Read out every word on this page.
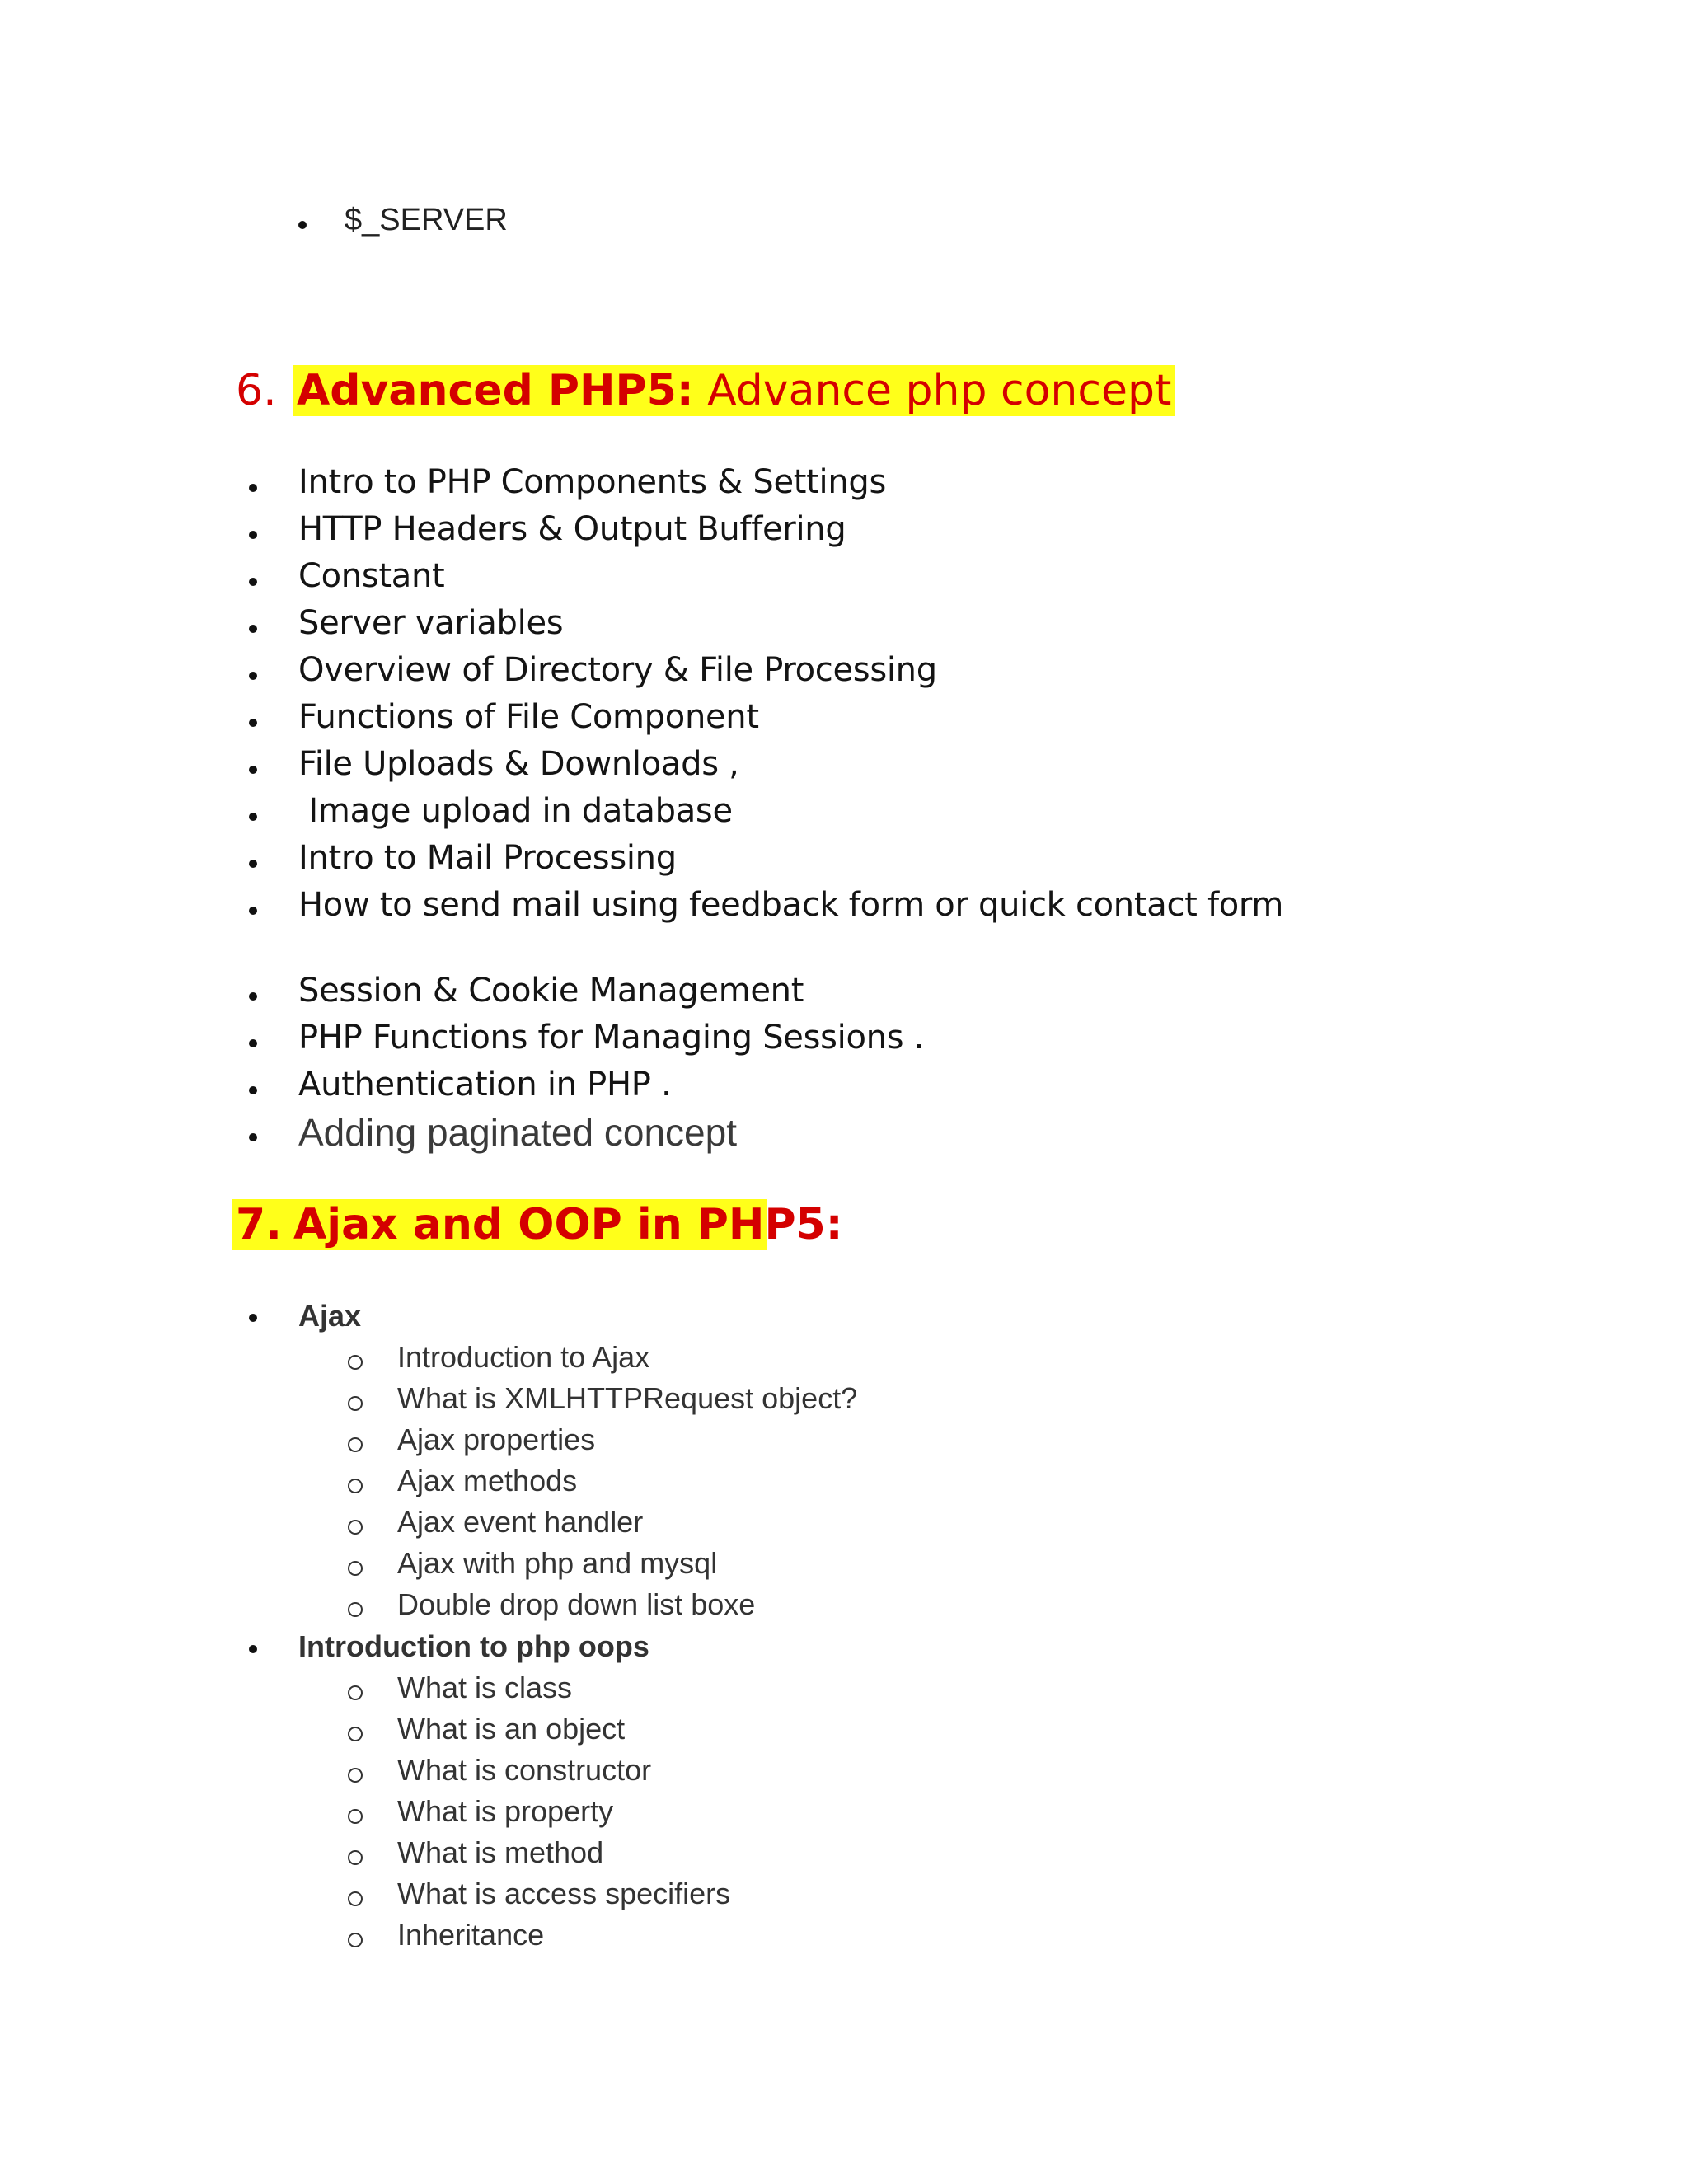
$_SERVER
6. Advanced PHP5: Advance php concept
Intro to PHP Components & Settings
HTTP Headers & Output Buffering
Constant
Server variables
Overview of Directory & File Processing
Functions of File Component
File Uploads & Downloads ,
Image upload in database
Intro to Mail Processing
How to send mail using feedback form or quick contact form
Session & Cookie Management
PHP Functions for Managing Sessions .
Authentication in PHP .
Adding paginated concept
7. Ajax and OOP in PHP5:
Ajax
Introduction to Ajax
What is XMLHTTPRequest object?
Ajax properties
Ajax methods
Ajax event handler
Ajax with php and mysql
Double drop down list boxe
Introduction to php oops
What is class
What is an object
What is constructor
What is property
What is method
What is access specifiers
Inheritance
